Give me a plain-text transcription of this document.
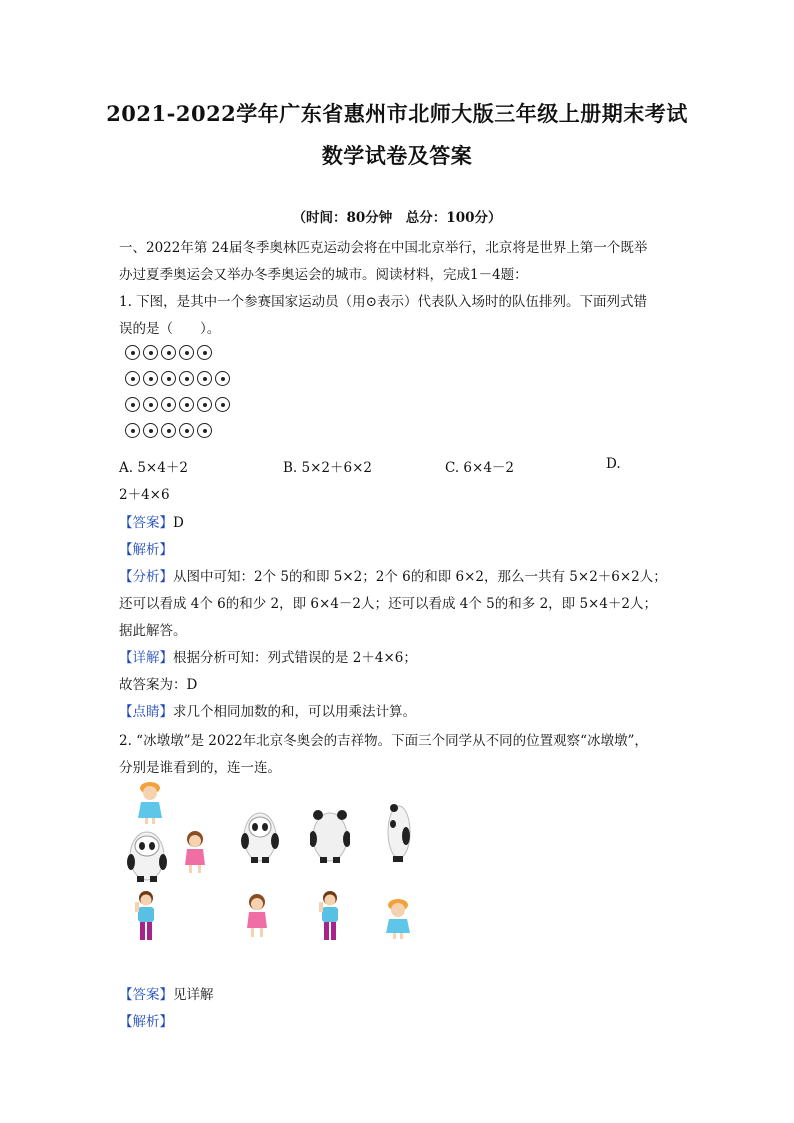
2021-2022学年广东省惠州市北师大版三年级上册期末考试
数学试卷及答案
（时间：80分钟　总分：100分）
一、2022年第 24届冬季奥林匹克运动会将在中国北京举行，北京将是世界上第一个既举
办过夏季奥运会又举办冬季奥运会的城市。阅读材料，完成1－4题：
1. 下图，是其中一个参赛国家运动员（用⊙表示）代表队入场时的队伍排列。下面列式错
误的是（　　）。
A. 5×4＋2	B. 5×2＋6×2	C. 6×4－2	D.
2＋4×6
【答案】D
【解析】
【分析】从图中可知：2个 5的和即 5×2；2个 6的和即 6×2，那么一共有 5×2＋6×2人；
还可以看成 4个 6的和少 2，即 6×4－2人；还可以看成 4个 5的和多 2，即 5×4＋2人；
据此解答。
【详解】根据分析可知：列式错误的是 2＋4×6；
故答案为：D
【点睛】求几个相同加数的和，可以用乘法计算。
2. “冰墩墩”是 2022年北京冬奥会的吉祥物。下面三个同学从不同的位置观察“冰墩墩”，
分别是谁看到的，连一连。
【答案】见详解
【解析】
